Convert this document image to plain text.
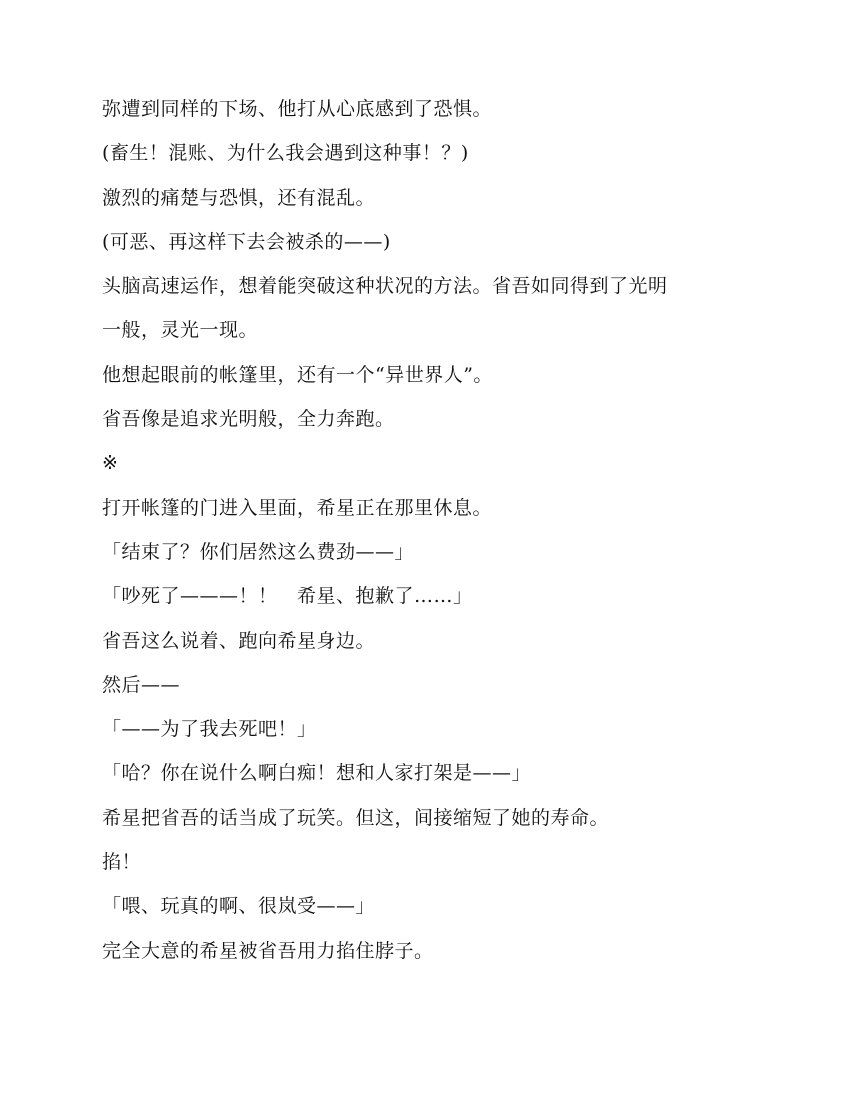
弥遭到同样的下场、他打从心底感到了恐惧。

(畜生！混账、为什么我会遇到这种事！？)

激烈的痛楚与恐惧，还有混乱。

(可恶、再这样下去会被杀的——)

头脑高速运作，想着能突破这种状况的方法。省吾如同得到了光明

一般，灵光一现。

他想起眼前的帐篷里，还有一个“异世界人”。

省吾像是追求光明般，全力奔跑。

※

打开帐篷的门进入里面，希星正在那里休息。

「结束了？你们居然这么费劲——」

「吵死了———！！　希星、抱歉了……」

省吾这么说着、跑向希星身边。

然后——

「——为了我去死吧！」

「哈？你在说什么啊白痴！想和人家打架是——」

希星把省吾的话当成了玩笑。但这，间接缩短了她的寿命。

掐！

「喂、玩真的啊、很岚受——」

完全大意的希星被省吾用力掐住脖子。
